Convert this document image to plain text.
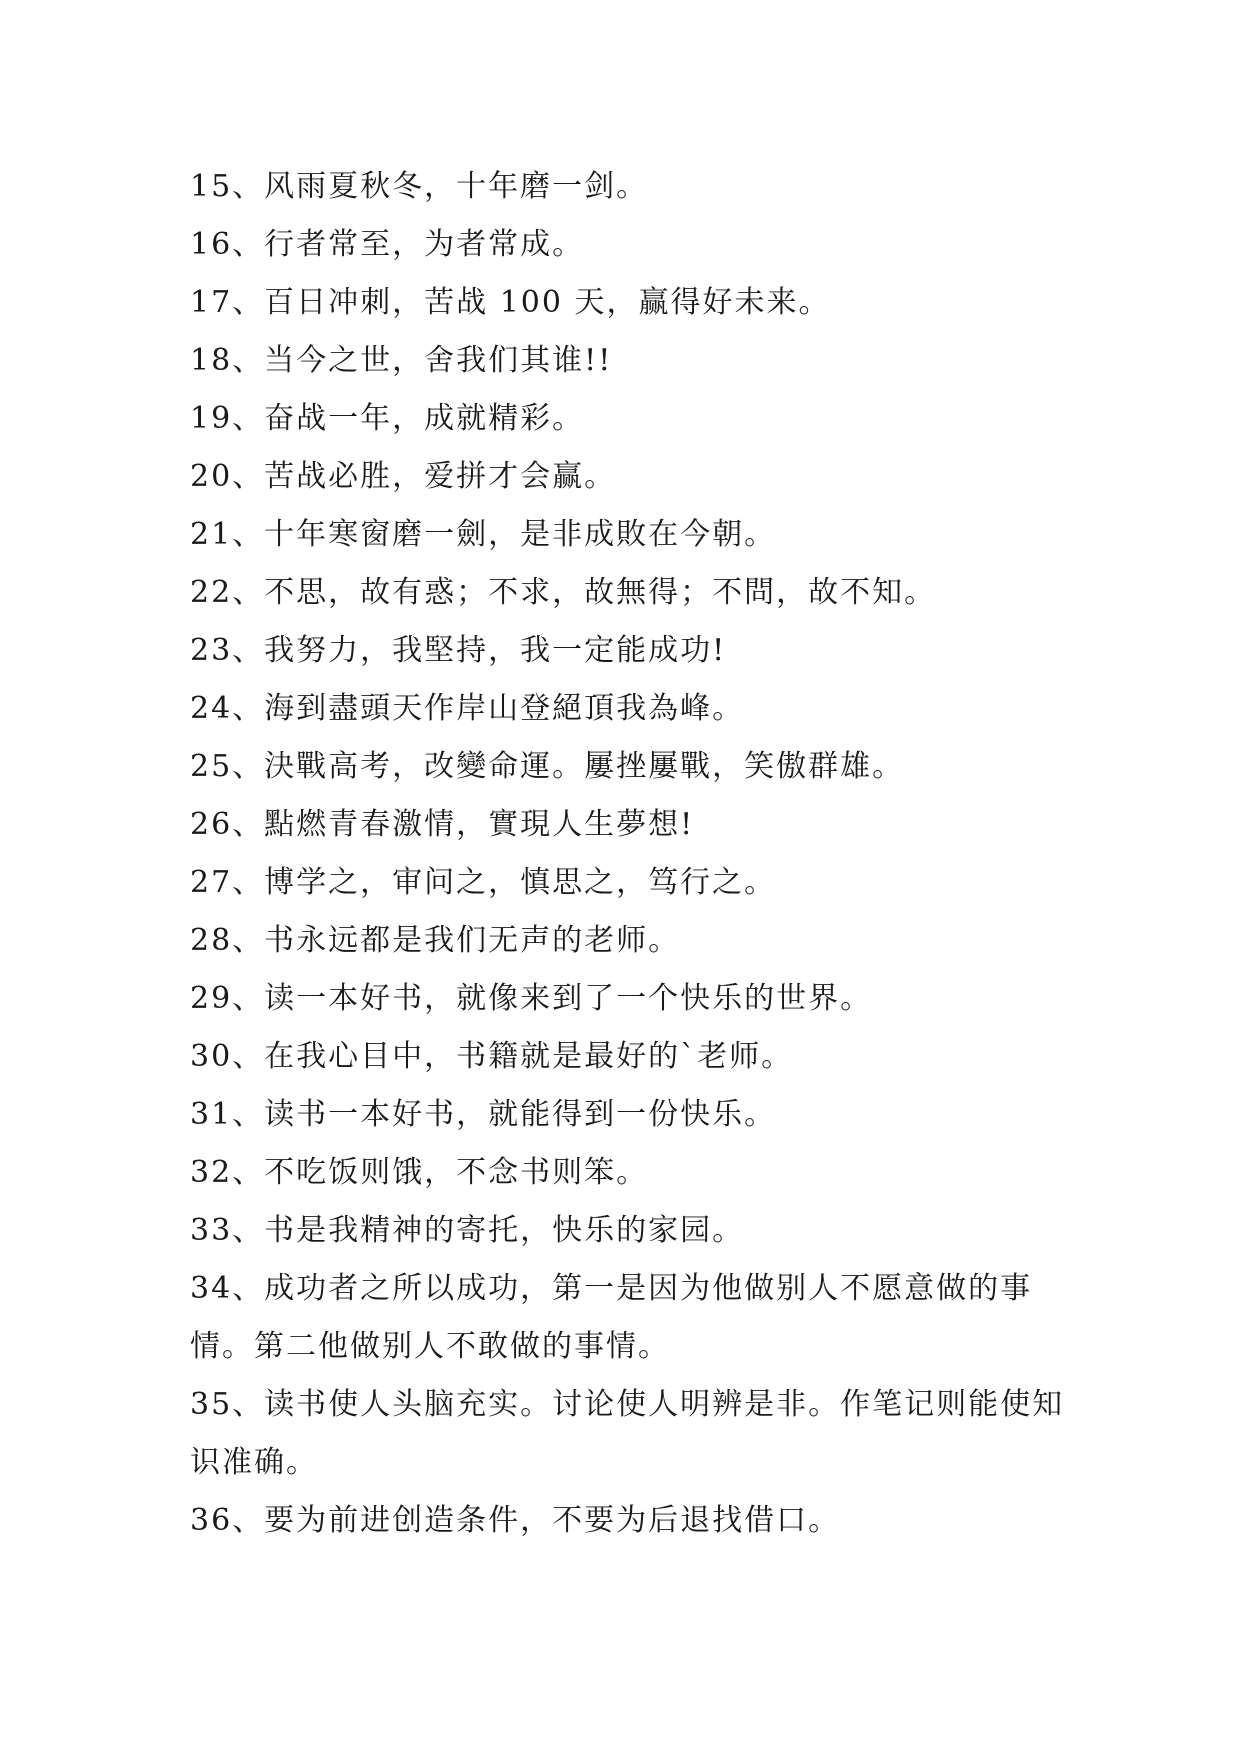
15、风雨夏秋冬，十年磨一剑。

16、行者常至，为者常成。

17、百日冲刺，苦战 100 天，赢得好未来。

18、当今之世，舍我们其谁!!

19、奋战一年，成就精彩。

20、苦战必胜，爱拼才会赢。

21、十年寒窗磨一劍，是非成敗在今朝。

22、不思，故有惑；不求，故無得；不問，故不知。

23、我努力，我堅持，我一定能成功!

24、海到盡頭天作岸山登絕頂我為峰。

25、決戰高考，改變命運。屢挫屢戰，笑傲群雄。

26、點燃青春激情，實現人生夢想!

27、博学之，审问之，慎思之，笃行之。

28、书永远都是我们无声的老师。

29、读一本好书，就像来到了一个快乐的世界。

30、在我心目中，书籍就是最好的`老师。

31、读书一本好书，就能得到一份快乐。

32、不吃饭则饿，不念书则笨。

33、书是我精神的寄托，快乐的家园。

34、成功者之所以成功，第一是因为他做别人不愿意做的事情。第二他做别人不敢做的事情。

35、读书使人头脑充实。讨论使人明辨是非。作笔记则能使知识准确。

36、要为前进创造条件，不要为后退找借口。
